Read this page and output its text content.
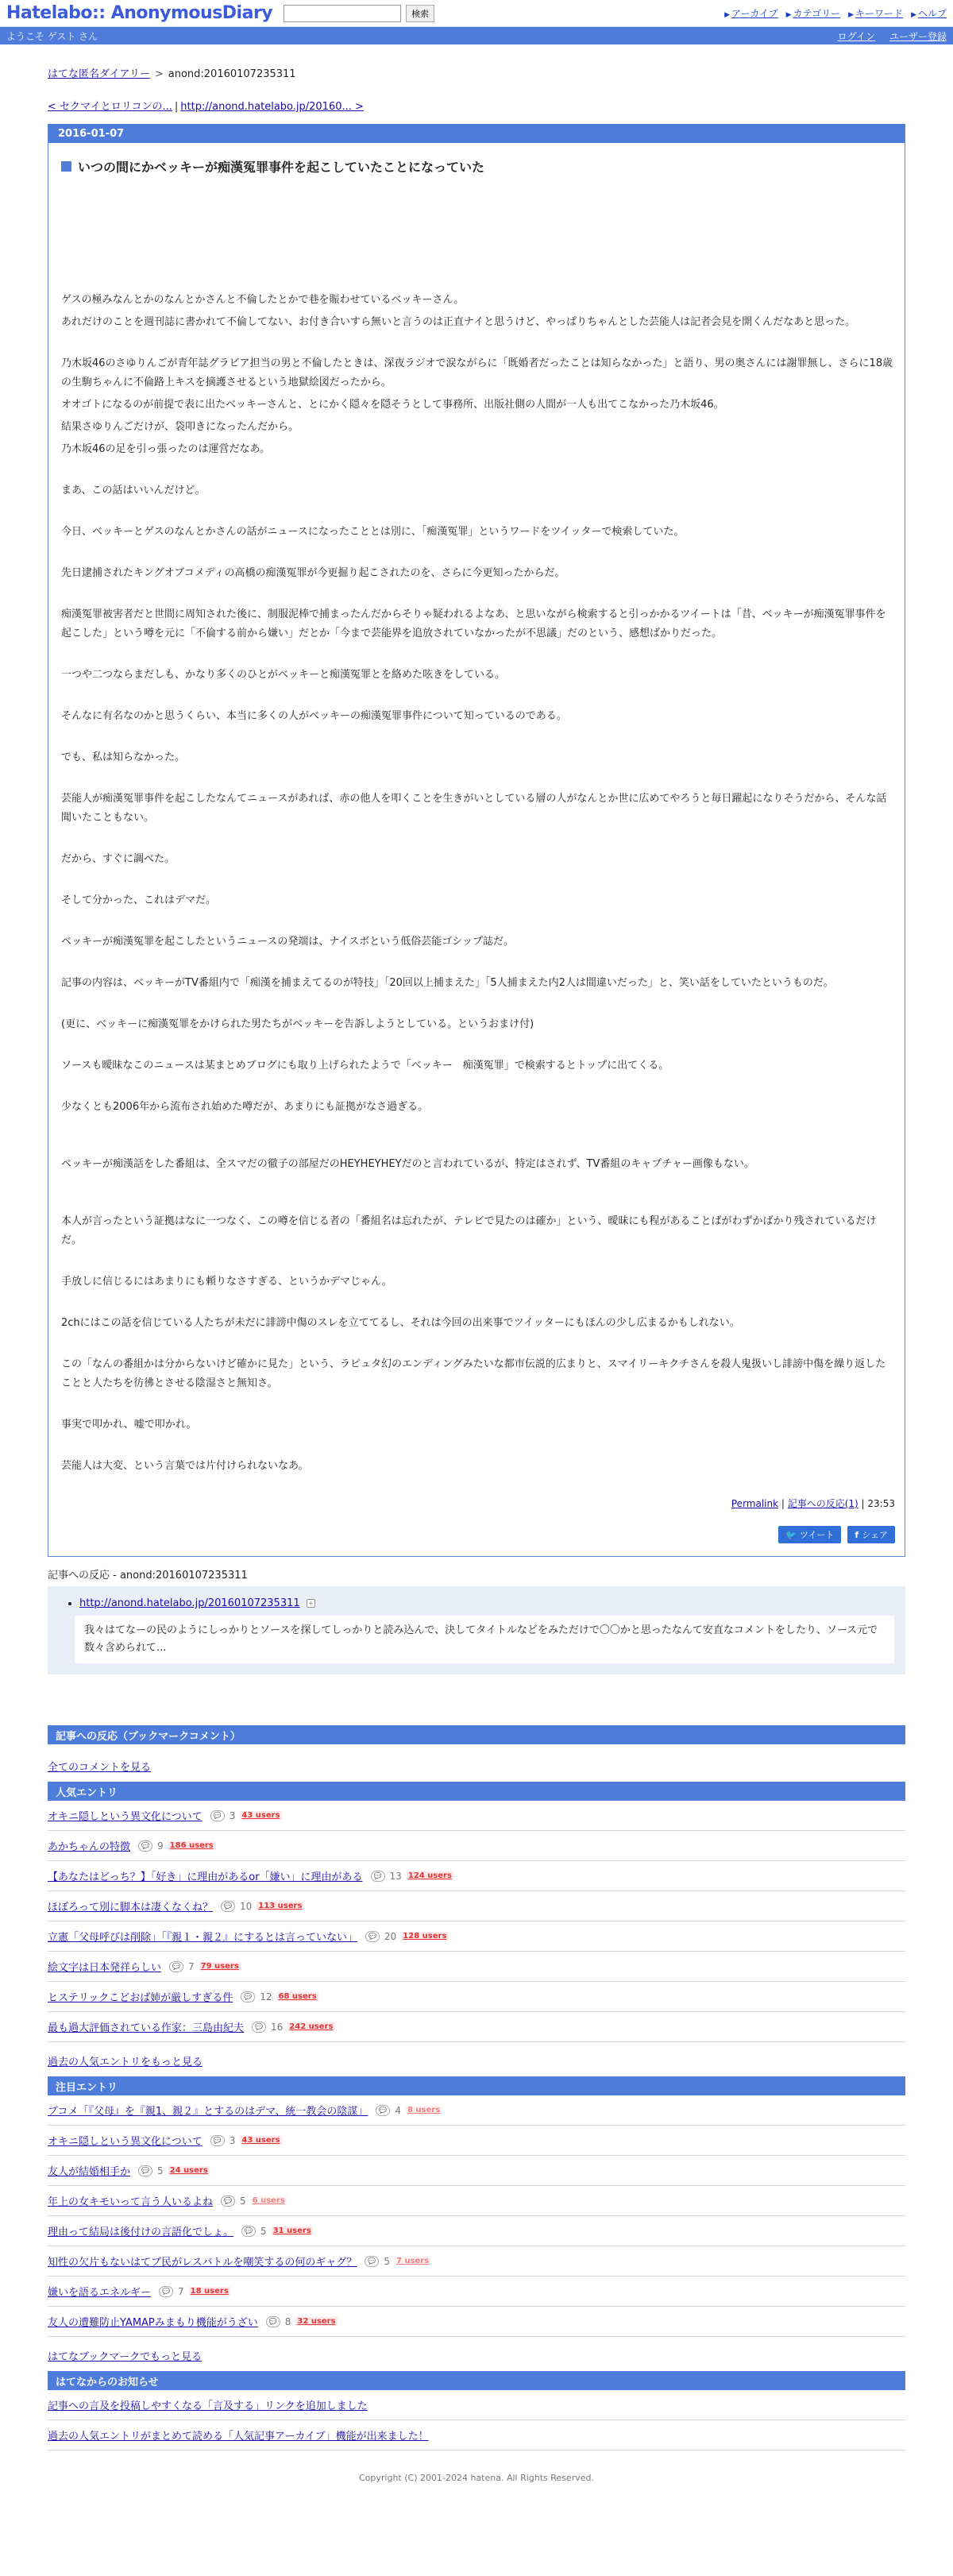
Hatelabo:: AnonymousDiary	検索	▶ アーカイブ ▶ カテゴリー ▶ キーワード ▶ ヘルプ
ようこそ ゲスト さん	ログイン ユーザー登録
はてな匿名ダイアリー > anond:20160107235311
< セクマイとロリコンの... | http://anond.hatelabo.jp/20160... >
2016-01-07
いつの間にかベッキーが痴漢冤罪事件を起こしていたことになっていた

ゲスの極みなんとかのなんとかさんと不倫したとかで巷を賑わせているベッキーさん。

あれだけのことを週刊誌に書かれて不倫してない、お付き合いすら無いと言うのは正直ナイと思うけど、やっぱりちゃんとした芸能人は記者会見を開くんだなあと思った。

乃木坂46のさゆりんごが青年誌グラビア担当の男と不倫したときは、深夜ラジオで涙ながらに「既婚者だったことは知らなかった」と語り、男の奥さんには謝罪無し、さらに18歳の生駒ちゃんに不倫路上キスを摘護させるという地獄絵図だったから。

オオゴトになるのが前提で表に出たベッキーさんと、とにかく隠々を隠そうとして事務所、出版社側の人間が一人も出てこなかった乃木坂46。

結果さゆりんごだけが、袋叩きになったんだから。

乃木坂46の足を引っ張ったのは運営だなあ。

まあ、この話はいいんだけど。

今日、ベッキーとゲスのなんとかさんの話がニュースになったこととは別に、「痴漢冤罪」というワードをツイッターで検索していた。

先日逮捕されたキングオブコメディの高橋の痴漢冤罪が今更掘り起こされたのを、さらに今更知ったからだ。

痴漢冤罪被害者だと世間に周知された後に、制服泥棒で捕まったんだからそりゃ疑われるよなあ、と思いながら検索すると引っかかるツイートは「昔、ベッキーが痴漢冤罪事件を起こした」という噂を元に「不倫する前から嫌い」だとか「今まで芸能界を追放されていなかったが不思議」だのという、感想ばかりだった。

一つや二つならまだしも、かなり多くのひとがベッキーと痴漢冤罪とを絡めた呟きをしている。

そんなに有名なのかと思うくらい、本当に多くの人がベッキーの痴漢冤罪事件について知っているのである。

でも、私は知らなかった。

芸能人が痴漢冤罪事件を起こしたなんてニュースがあれば、赤の他人を叩くことを生きがいとしている層の人がなんとか世に広めてやろうと毎日躍起になりそうだから、そんな話聞いたこともない。

だから、すぐに調べた。

そして分かった、これはデマだ。

ベッキーが痴漢冤罪を起こしたというニュースの発端は、ナイスボという低俗芸能ゴシップ誌だ。

記事の内容は、ベッキーがTV番組内で「痴漢を捕まえてるのが特技」「20回以上捕まえた」「5人捕まえた内2人は間違いだった」と、笑い話をしていたというものだ。

(更に、ベッキーに痴漢冤罪をかけられた男たちがベッキーを告訴しようとしている。というおまけ付)

ソースも曖昧なこのニュースは某まとめブログにも取り上げられたようで「ベッキー　痴漢冤罪」で検索するとトップに出てくる。

少なくとも2006年から流布され始めた噂だが、あまりにも証拠がなさ過ぎる。

ベッキーが痴漢話をした番組は、全スマだの徹子の部屋だのHEYHEYHEYだのと言われているが、特定はされず、TV番組のキャプチャー画像もない。

本人が言ったという証拠はなに一つなく、この噂を信じる者の「番組名は忘れたが、テレビで見たのは確か」という、曖昧にも程があることばがわずかばかり残されているだけだ。

手放しに信じるにはあまりにも頼りなさすぎる、というかデマじゃん。

2chにはこの話を信じている人たちが未だに誹謗中傷のスレを立ててるし、それは今回の出来事でツイッターにもほんの少し広まるかもしれない。

この「なんの番組かは分からないけど確かに見た」という、ラピュタ幻のエンディングみたいな都市伝説的広まりと、スマイリーキクチさんを殺人鬼扱いし誹謗中傷を繰り返したことと人たちを彷彿とさせる陰湿さと無知さ。

事実で叩かれ、嘘で叩かれ。

芸能人は大変、という言葉では片付けられないなあ。

Permalink | 記事への反応(1) | 23:53
🐦 ツイート f シェア
記事への反応 - anond:20160107235311
• http://anond.hatelabo.jp/20160107235311 +
我々はてなーの民のようにしっかりとソースを探してしっかりと読み込んで、決してタイトルなどをみただけで〇〇かと思ったなんて安直なコメントをしたり、ソース元で数々含められて...
記事への反応（ブックマークコメント）
全てのコメントを見る
人気エントリ
オキニ隠しという異文化について	💬 3 43 users
あかちゃんの特徴	💬 9 186 users
【あなたはどっち？】「好き」に理由があるor「嫌い」に理由がある	💬 13 124 users
ほぼろって別に脚本は凄くなくね？	💬 10 113 users
立憲「父母呼びは削除」「『親１・親２』にするとは言っていない」	💬 20 128 users
絵文字は日本発祥らしい	💬 7 79 users
ヒステリックこどおば姉が厳しすぎる件	💬 12 68 users
最も過大評価されている作家：三島由紀夫	💬 16 242 users
過去の人気エントリをもっと見る
注目エントリ
ブコメ「『父母』を『親1、親２』とするのはデマ、統一教会の陰謀」	💬 4 8 users
オキニ隠しという異文化について	💬 3 43 users
友人が結婚相手か	💬 5 24 users
年上の女キモいって言う人いるよね	💬 5 6 users
理由って結局は後付けの言語化でしょ。	💬 5 31 users
知性の欠片もないはてブ民がレスバトルを嘲笑するの何のギャグ？	💬 5 7 users
嫌いを語るエネルギー	💬 7 18 users
友人の遭難防止YAMAPみまもり機能がうざい	💬 8 32 users
はてなブックマークでもっと見る
はてなからのお知らせ
記事への言及を投稿しやすくなる「言及する」リンクを追加しました
過去の人気エントリがまとめて読める「人気記事アーカイブ」機能が出来ました！
Copyright (C) 2001-2024 hatena. All Rights Reserved.
